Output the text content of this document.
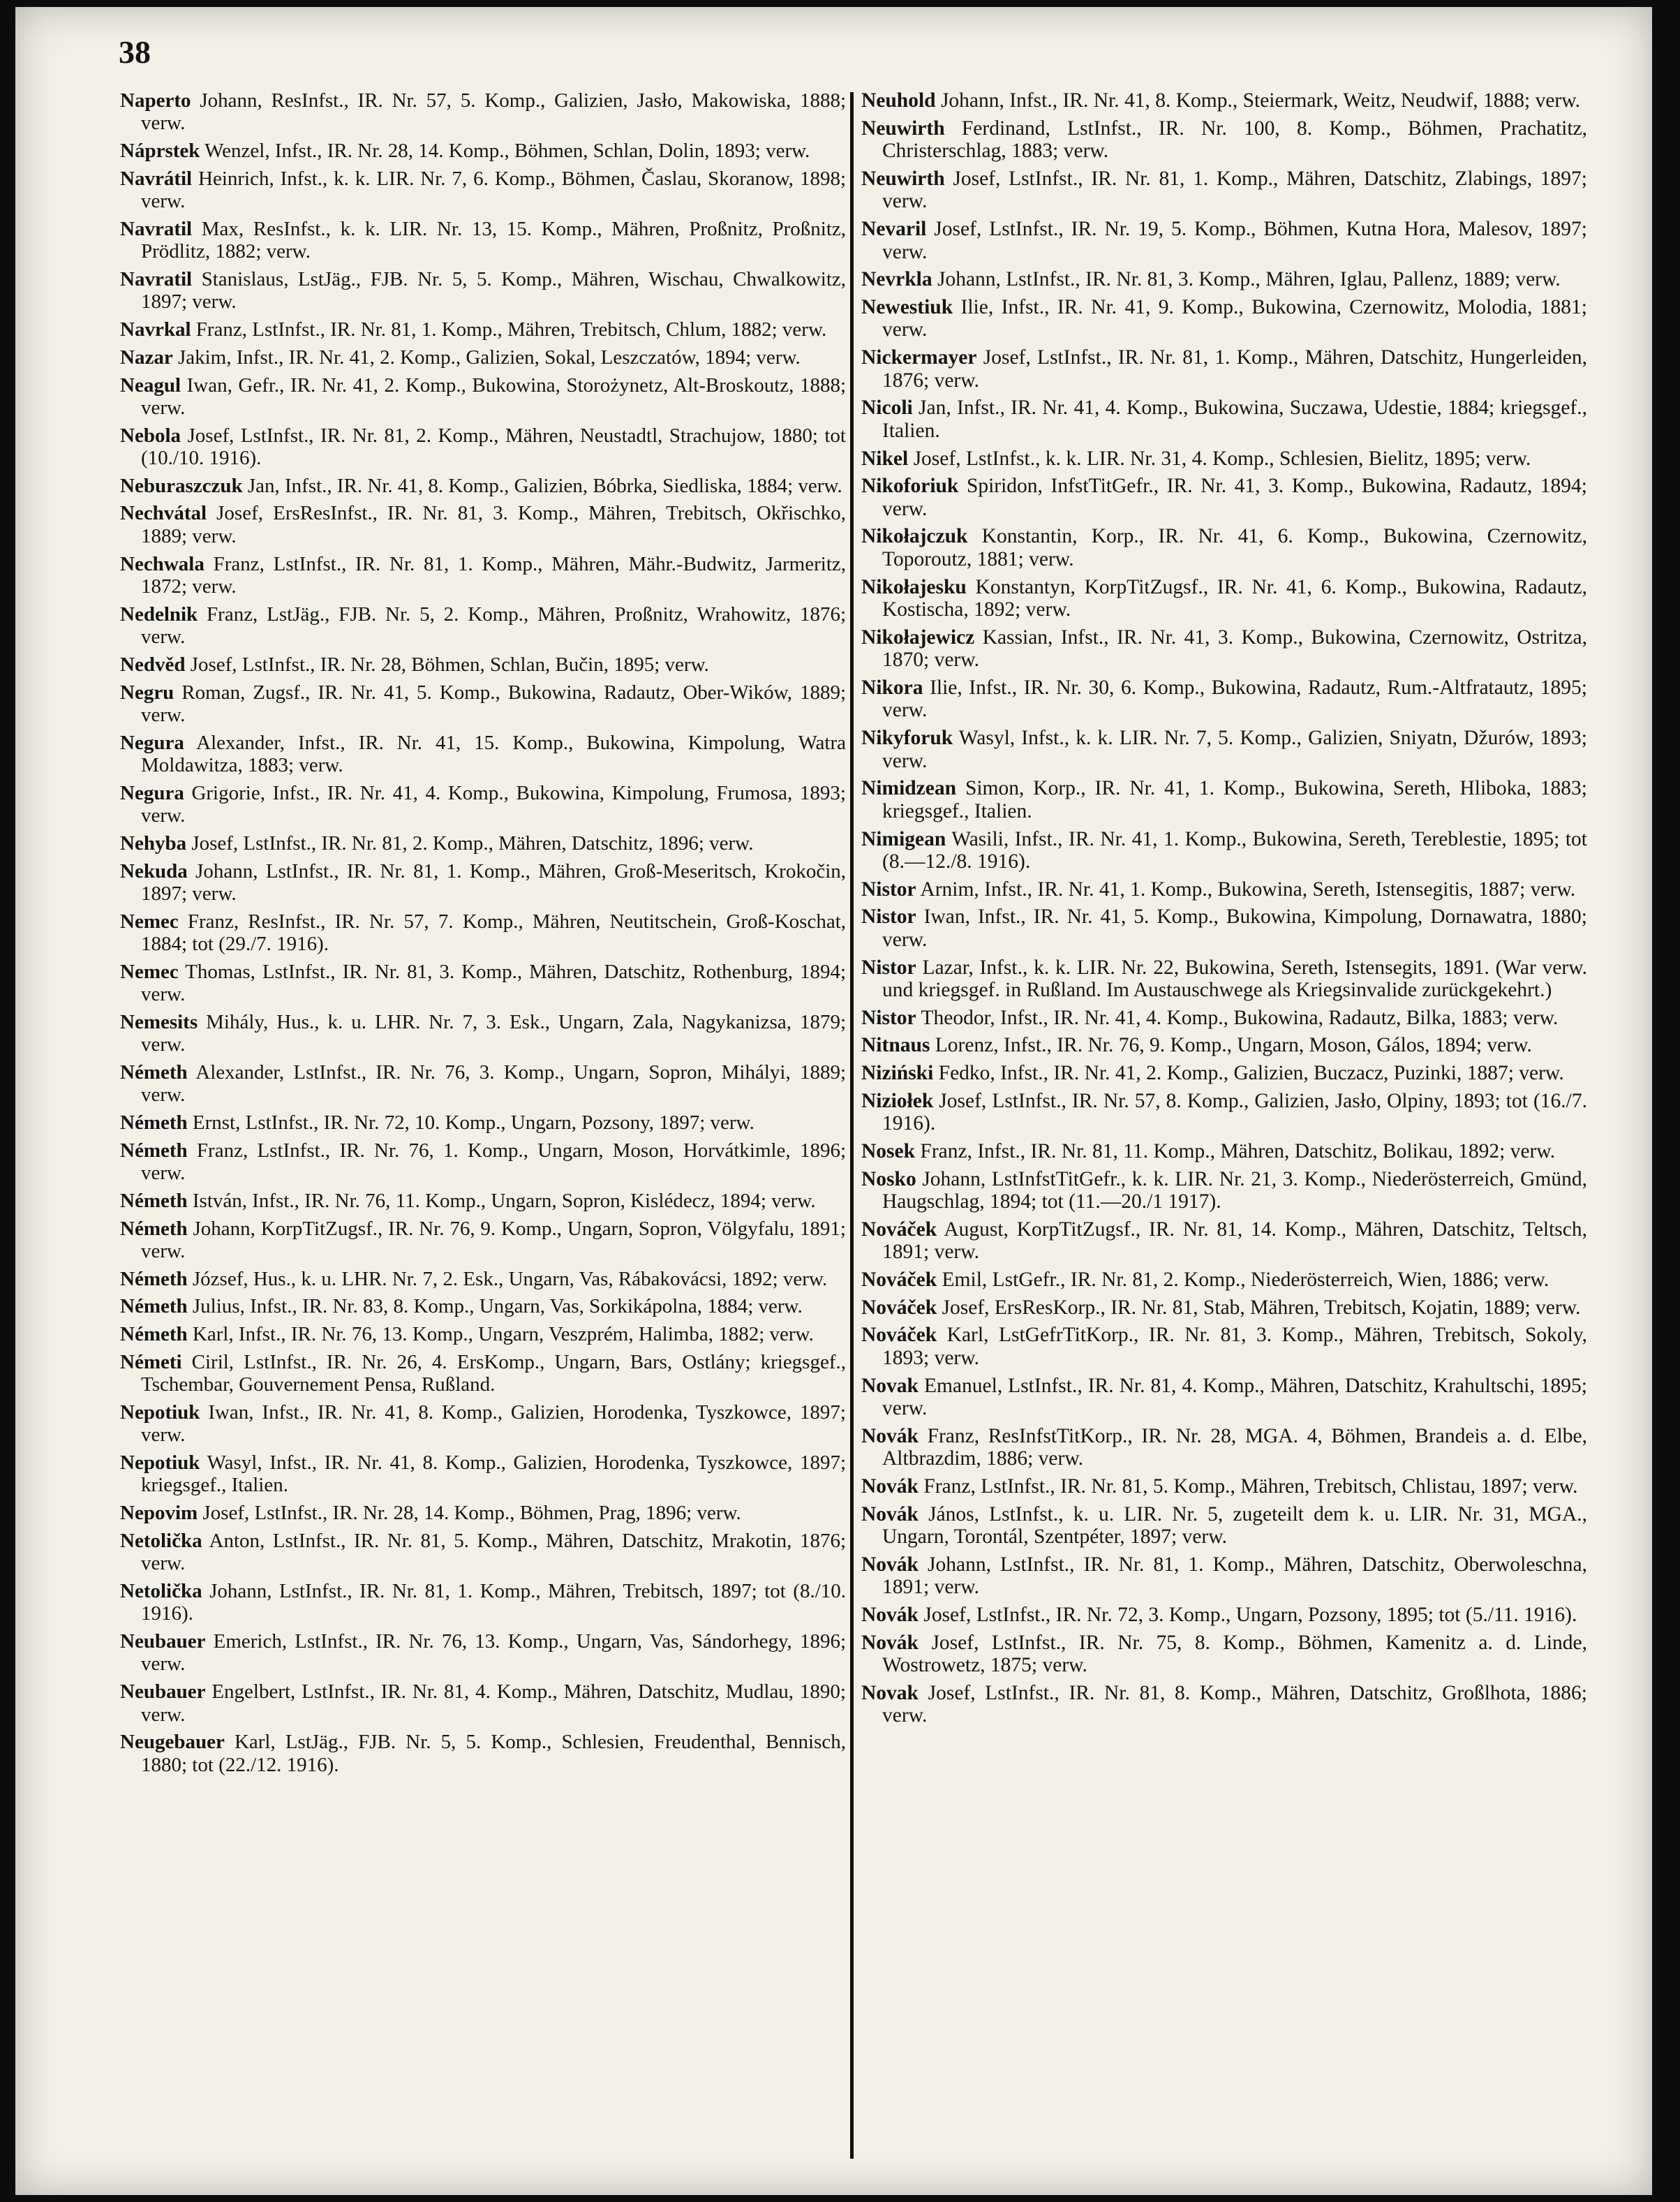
38

Naperto Johann, ResInfst., IR. Nr. 57, 5. Komp., Galizien, Jasło, Makowiska, 1888; verw.

Náprstek Wenzel, Infst., IR. Nr. 28, 14. Komp., Böhmen, Schlan, Dolin, 1893; verw.

Navrátil Heinrich, Infst., k. k. LIR. Nr. 7, 6. Komp., Böhmen, Časlau, Skoranow, 1898; verw.

Navratil Max, ResInfst., k. k. LIR. Nr. 13, 15. Komp., Mähren, Proßnitz, Proßnitz, Prödlitz, 1882; verw.

Navratil Stanislaus, LstJäg., FJB. Nr. 5, 5. Komp., Mähren, Wischau, Chwalkowitz, 1897; verw.

Navrkal Franz, LstInfst., IR. Nr. 81, 1. Komp., Mähren, Trebitsch, Chlum, 1882; verw.

Nazar Jakim, Infst., IR. Nr. 41, 2. Komp., Galizien, Sokal, Leszczatów, 1894; verw.

Neagul Iwan, Gefr., IR. Nr. 41, 2. Komp., Bukowina, Storożynetz, Alt-Broskoutz, 1888; verw.

Nebola Josef, LstInfst., IR. Nr. 81, 2. Komp., Mähren, Neustadtl, Strachujow, 1880; tot (10./10. 1916).

Neburaszczuk Jan, Infst., IR. Nr. 41, 8. Komp., Galizien, Bóbrka, Siedliska, 1884; verw.

Nechvátal Josef, ErsResInfst., IR. Nr. 81, 3. Komp., Mähren, Trebitsch, Okřischko, 1889; verw.

Nechwala Franz, LstInfst., IR. Nr. 81, 1. Komp., Mähren, Mähr.-Budwitz, Jarmeritz, 1872; verw.

Nedelnik Franz, LstJäg., FJB. Nr. 5, 2. Komp., Mähren, Proßnitz, Wrahowitz, 1876; verw.

Nedvěd Josef, LstInfst., IR. Nr. 28, Böhmen, Schlan, Bučin, 1895; verw.

Negru Roman, Zugsf., IR. Nr. 41, 5. Komp., Bukowina, Radautz, Ober-Wików, 1889; verw.

Negura Alexander, Infst., IR. Nr. 41, 15. Komp., Bukowina, Kimpolung, Watra Moldawitza, 1883; verw.

Negura Grigorie, Infst., IR. Nr. 41, 4. Komp., Bukowina, Kimpolung, Frumosa, 1893; verw.

Nehyba Josef, LstInfst., IR. Nr. 81, 2. Komp., Mähren, Datschitz, 1896; verw.

Nekuda Johann, LstInfst., IR. Nr. 81, 1. Komp., Mähren, Groß-Meseritsch, Krokočin, 1897; verw.

Nemec Franz, ResInfst., IR. Nr. 57, 7. Komp., Mähren, Neutitschein, Groß-Koschat, 1884; tot (29./7. 1916).

Nemec Thomas, LstInfst., IR. Nr. 81, 3. Komp., Mähren, Datschitz, Rothenburg, 1894; verw.

Nemesits Mihály, Hus., k. u. LHR. Nr. 7, 3. Esk., Ungarn, Zala, Nagykanizsa, 1879; verw.

Németh Alexander, LstInfst., IR. Nr. 76, 3. Komp., Ungarn, Sopron, Mihályi, 1889; verw.

Németh Ernst, LstInfst., IR. Nr. 72, 10. Komp., Ungarn, Pozsony, 1897; verw.

Németh Franz, LstInfst., IR. Nr. 76, 1. Komp., Ungarn, Moson, Horvátkimle, 1896; verw.

Németh István, Infst., IR. Nr. 76, 11. Komp., Ungarn, Sopron, Kislédecz, 1894; verw.

Németh Johann, KorpTitZugsf., IR. Nr. 76, 9. Komp., Ungarn, Sopron, Völgyfalu, 1891; verw.

Németh József, Hus., k. u. LHR. Nr. 7, 2. Esk., Ungarn, Vas, Rábakovácsi, 1892; verw.

Németh Julius, Infst., IR. Nr. 83, 8. Komp., Ungarn, Vas, Sorkikápolna, 1884; verw.

Németh Karl, Infst., IR. Nr. 76, 13. Komp., Ungarn, Veszprém, Halimba, 1882; verw.

Németi Ciril, LstInfst., IR. Nr. 26, 4. ErsKomp., Ungarn, Bars, Ostlány; kriegsgef., Tschembar, Gouvernement Pensa, Rußland.

Nepotiuk Iwan, Infst., IR. Nr. 41, 8. Komp., Galizien, Horodenka, Tyszkowce, 1897; verw.

Nepotiuk Wasyl, Infst., IR. Nr. 41, 8. Komp., Galizien, Horodenka, Tyszkowce, 1897; kriegsgef., Italien.

Nepovim Josef, LstInfst., IR. Nr. 28, 14. Komp., Böhmen, Prag, 1896; verw.

Netolička Anton, LstInfst., IR. Nr. 81, 5. Komp., Mähren, Datschitz, Mrakotin, 1876; verw.

Netolička Johann, LstInfst., IR. Nr. 81, 1. Komp., Mähren, Trebitsch, 1897; tot (8./10. 1916).

Neubauer Emerich, LstInfst., IR. Nr. 76, 13. Komp., Ungarn, Vas, Sándorhegy, 1896; verw.

Neubauer Engelbert, LstInfst., IR. Nr. 81, 4. Komp., Mähren, Datschitz, Mudlau, 1890; verw.

Neugebauer Karl, LstJäg., FJB. Nr. 5, 5. Komp., Schlesien, Freudenthal, Bennisch, 1880; tot (22./12. 1916).

Neuhold Johann, Infst., IR. Nr. 41, 8. Komp., Steiermark, Weitz, Neudwif, 1888; verw.

Neuwirth Ferdinand, LstInfst., IR. Nr. 100, 8. Komp., Böhmen, Prachatitz, Christerschlag, 1883; verw.

Neuwirth Josef, LstInfst., IR. Nr. 81, 1. Komp., Mähren, Datschitz, Zlabings, 1897; verw.

Nevaril Josef, LstInfst., IR. Nr. 19, 5. Komp., Böhmen, Kutna Hora, Malesov, 1897; verw.

Nevrkla Johann, LstInfst., IR. Nr. 81, 3. Komp., Mähren, Iglau, Pallenz, 1889; verw.

Newestiuk Ilie, Infst., IR. Nr. 41, 9. Komp., Bukowina, Czernowitz, Molodia, 1881; verw.

Nickermayer Josef, LstInfst., IR. Nr. 81, 1. Komp., Mähren, Datschitz, Hungerleiden, 1876; verw.

Nicoli Jan, Infst., IR. Nr. 41, 4. Komp., Bukowina, Suczawa, Udestie, 1884; kriegsgef., Italien.

Nikel Josef, LstInfst., k. k. LIR. Nr. 31, 4. Komp., Schlesien, Bielitz, 1895; verw.

Nikoforiuk Spiridon, InfstTitGefr., IR. Nr. 41, 3. Komp., Bukowina, Radautz, 1894; verw.

Nikołajczuk Konstantin, Korp., IR. Nr. 41, 6. Komp., Bukowina, Czernowitz, Toporoutz, 1881; verw.

Nikołajesku Konstantyn, KorpTitZugsf., IR. Nr. 41, 6. Komp., Bukowina, Radautz, Kostischa, 1892; verw.

Nikołajewicz Kassian, Infst., IR. Nr. 41, 3. Komp., Bukowina, Czernowitz, Ostritza, 1870; verw.

Nikora Ilie, Infst., IR. Nr. 30, 6. Komp., Bukowina, Radautz, Rum.-Altfratautz, 1895; verw.

Nikyforuk Wasyl, Infst., k. k. LIR. Nr. 7, 5. Komp., Galizien, Sniyatn, Džurów, 1893; verw.

Nimidzean Simon, Korp., IR. Nr. 41, 1. Komp., Bukowina, Sereth, Hliboka, 1883; kriegsgef., Italien.

Nimigean Wasili, Infst., IR. Nr. 41, 1. Komp., Bukowina, Sereth, Tereblestie, 1895; tot (8.—12./8. 1916).

Nistor Arnim, Infst., IR. Nr. 41, 1. Komp., Bukowina, Sereth, Istensegitis, 1887; verw.

Nistor Iwan, Infst., IR. Nr. 41, 5. Komp., Bukowina, Kimpolung, Dornawatra, 1880; verw.

Nistor Lazar, Infst., k. k. LIR. Nr. 22, Bukowina, Sereth, Istensegits, 1891. (War verw. und kriegsgef. in Rußland. Im Austauschwege als Kriegsinvalide zurückgekehrt.)

Nistor Theodor, Infst., IR. Nr. 41, 4. Komp., Bukowina, Radautz, Bilka, 1883; verw.

Nitnaus Lorenz, Infst., IR. Nr. 76, 9. Komp., Ungarn, Moson, Gálos, 1894; verw.

Niziński Fedko, Infst., IR. Nr. 41, 2. Komp., Galizien, Buczacz, Puzinki, 1887; verw.

Niziołek Josef, LstInfst., IR. Nr. 57, 8. Komp., Galizien, Jasło, Olpiny, 1893; tot (16./7. 1916).

Nosek Franz, Infst., IR. Nr. 81, 11. Komp., Mähren, Datschitz, Bolikau, 1892; verw.

Nosko Johann, LstInfstTitGefr., k. k. LIR. Nr. 21, 3. Komp., Niederösterreich, Gmünd, Haugschlag, 1894; tot (11.—20./1 1917).

Nováček August, KorpTitZugsf., IR. Nr. 81, 14. Komp., Mähren, Datschitz, Teltsch, 1891; verw.

Nováček Emil, LstGefr., IR. Nr. 81, 2. Komp., Niederösterreich, Wien, 1886; verw.

Nováček Josef, ErsResKorp., IR. Nr. 81, Stab, Mähren, Trebitsch, Kojatin, 1889; verw.

Nováček Karl, LstGefrTitKorp., IR. Nr. 81, 3. Komp., Mähren, Trebitsch, Sokoly, 1893; verw.

Novak Emanuel, LstInfst., IR. Nr. 81, 4. Komp., Mähren, Datschitz, Krahultschi, 1895; verw.

Novák Franz, ResInfstTitKorp., IR. Nr. 28, MGA. 4, Böhmen, Brandeis a. d. Elbe, Altbrazdim, 1886; verw.

Novák Franz, LstInfst., IR. Nr. 81, 5. Komp., Mähren, Trebitsch, Chlistau, 1897; verw.

Novák János, LstInfst., k. u. LIR. Nr. 5, zugeteilt dem k. u. LIR. Nr. 31, MGA., Ungarn, Torontál, Szentpéter, 1897; verw.

Novák Johann, LstInfst., IR. Nr. 81, 1. Komp., Mähren, Datschitz, Oberwoleschna, 1891; verw.

Novák Josef, LstInfst., IR. Nr. 72, 3. Komp., Ungarn, Pozsony, 1895; tot (5./11. 1916).

Novák Josef, LstInfst., IR. Nr. 75, 8. Komp., Böhmen, Kamenitz a. d. Linde, Wostrowetz, 1875; verw.

Novak Josef, LstInfst., IR. Nr. 81, 8. Komp., Mähren, Datschitz, Großlhota, 1886; verw.
